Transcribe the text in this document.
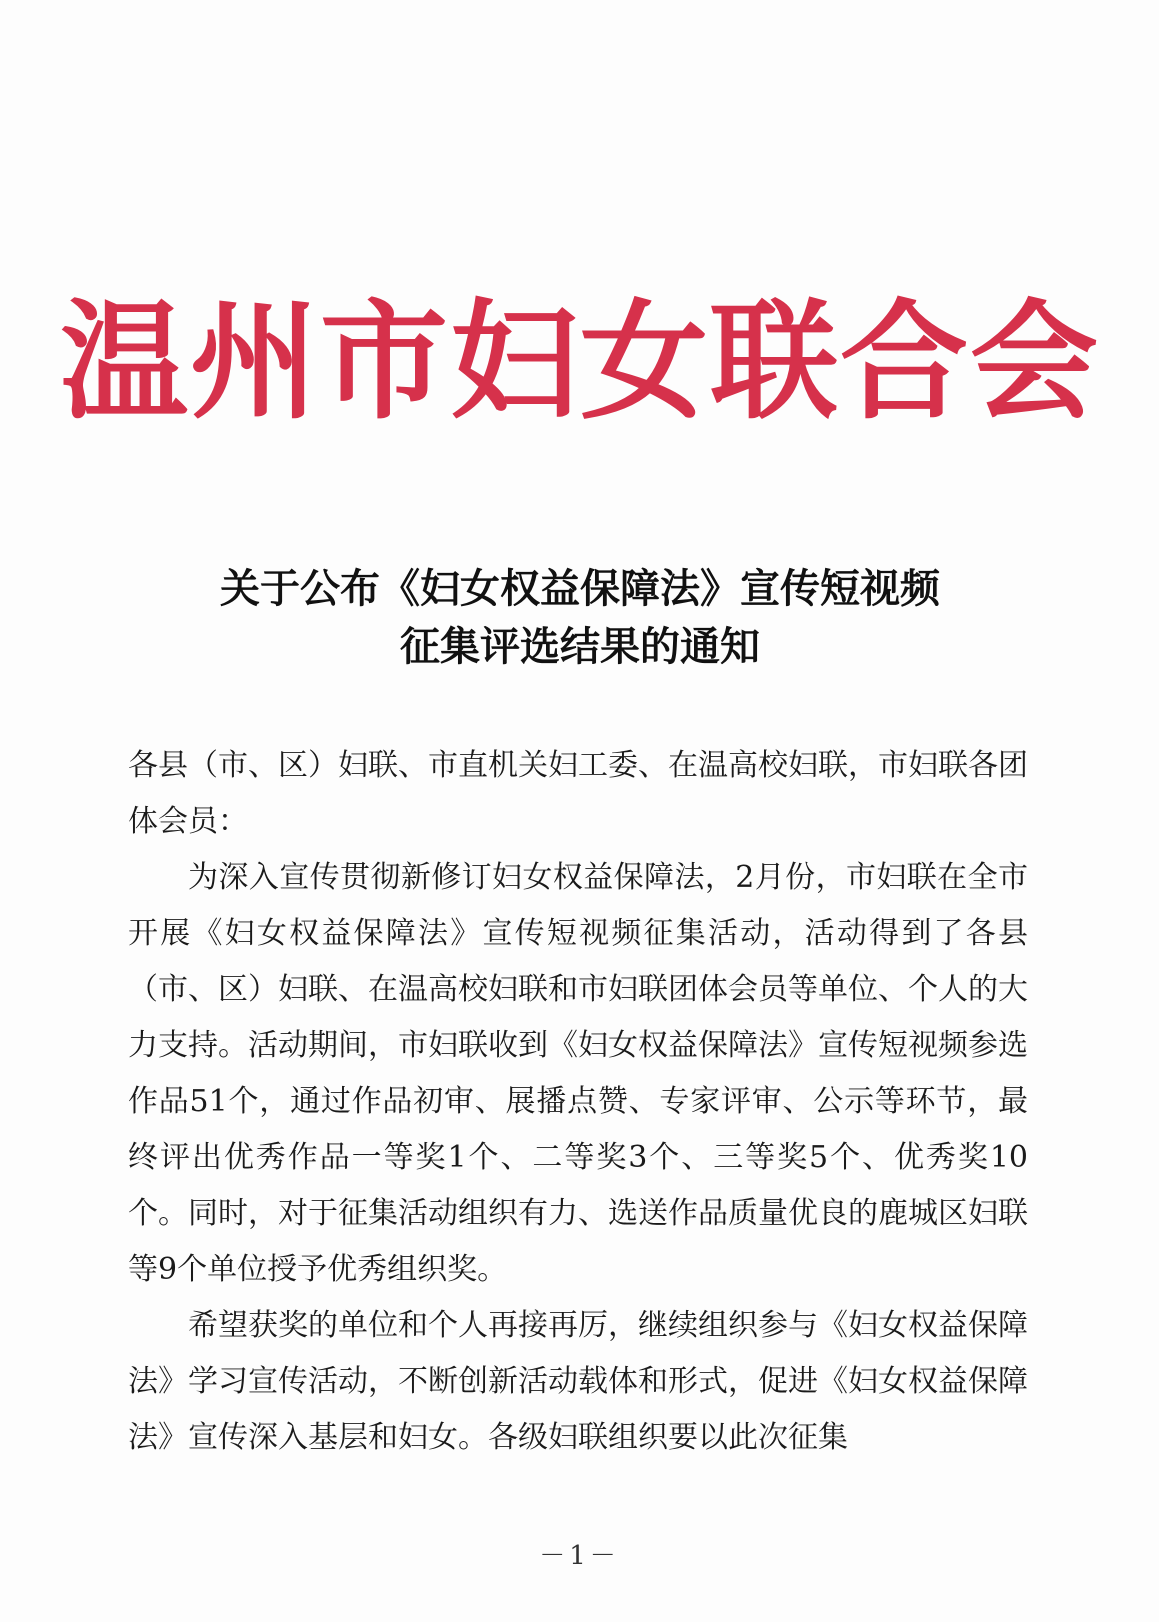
温州市妇女联合会
关于公布《妇女权益保障法》宣传短视频
征集评选结果的通知

各县（市、区）妇联、市直机关妇工委、在温高校妇联，市妇联各团体会员：

为深入宣传贯彻新修订妇女权益保障法，2月份，市妇联在全市开展《妇女权益保障法》宣传短视频征集活动，活动得到了各县（市、区）妇联、在温高校妇联和市妇联团体会员等单位、个人的大力支持。活动期间，市妇联收到《妇女权益保障法》宣传短视频参选作品51个，通过作品初审、展播点赞、专家评审、公示等环节，最终评出优秀作品一等奖1个、二等奖3个、三等奖5个、优秀奖10个。同时，对于征集活动组织有力、选送作品质量优良的鹿城区妇联等9个单位授予优秀组织奖。

希望获奖的单位和个人再接再厉，继续组织参与《妇女权益保障法》学习宣传活动，不断创新活动载体和形式，促进《妇女权益保障法》宣传深入基层和妇女。各级妇联组织要以此次征集

－1－
